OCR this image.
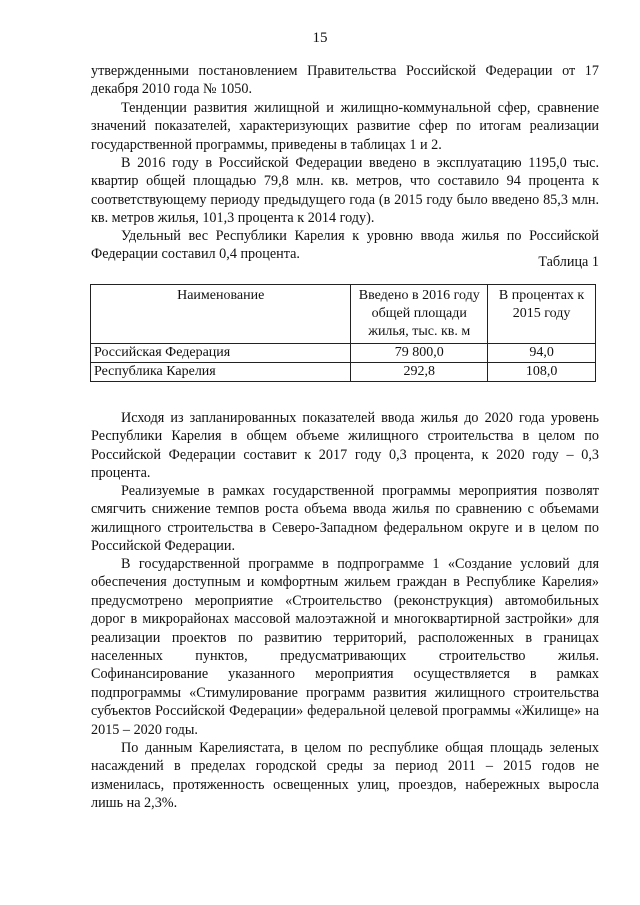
15

утвержденными постановлением Правительства Российской Федерации от 17 декабря 2010 года № 1050.

Тенденции развития жилищной и жилищно-коммунальной сфер, сравнение значений показателей, характеризующих развитие сфер по итогам реализации государственной программы, приведены в таблицах 1 и 2.

В 2016 году в Российской Федерации введено в эксплуатацию 1195,0 тыс. квартир общей площадью 79,8 млн. кв. метров, что составило 94 процента к соответствующему периоду предыдущего года (в 2015 году было введено 85,3 млн. кв. метров жилья, 101,3 процента к 2014 году).

Удельный вес Республики Карелия к уровню ввода жилья по Российской Федерации составил 0,4 процента.	Таблица 1
Наименование	Введено в 2016 году общей площади жилья, тыс. кв. м	В процентах к 2015 году
Российская Федерация	79 800,0	94,0
Республика Карелия	292,8	108,0

Исходя из запланированных показателей ввода жилья до 2020 года уровень Республики Карелия в общем объеме жилищного строительства в целом по Российской Федерации составит к 2017 году 0,3 процента, к 2020 году – 0,3 процента.

Реализуемые в рамках государственной программы мероприятия позволят смягчить снижение темпов роста объема ввода жилья по сравнению с объемами жилищного строительства в Северо-Западном федеральном округе и в целом по Российской Федерации.

В государственной программе в подпрограмме 1 «Создание условий для обеспечения доступным и комфортным жильем граждан в Республике Карелия» предусмотрено мероприятие «Строительство (реконструкция) автомобильных дорог в микрорайонах массовой малоэтажной и многоквартирной застройки» для реализации проектов по развитию территорий, расположенных в границах населенных пунктов, предусматривающих строительство жилья. Софинансирование указанного мероприятия осуществляется в рамках подпрограммы «Стимулирование программ развития жилищного строительства субъектов Российской Федерации» федеральной целевой программы «Жилище» на 2015 – 2020 годы.

По данным Карелиястата, в целом по республике общая площадь зеленых насаждений в пределах городской среды за период 2011 – 2015 годов не изменилась, протяженность освещенных улиц, проездов, набережных выросла лишь на 2,3%.
